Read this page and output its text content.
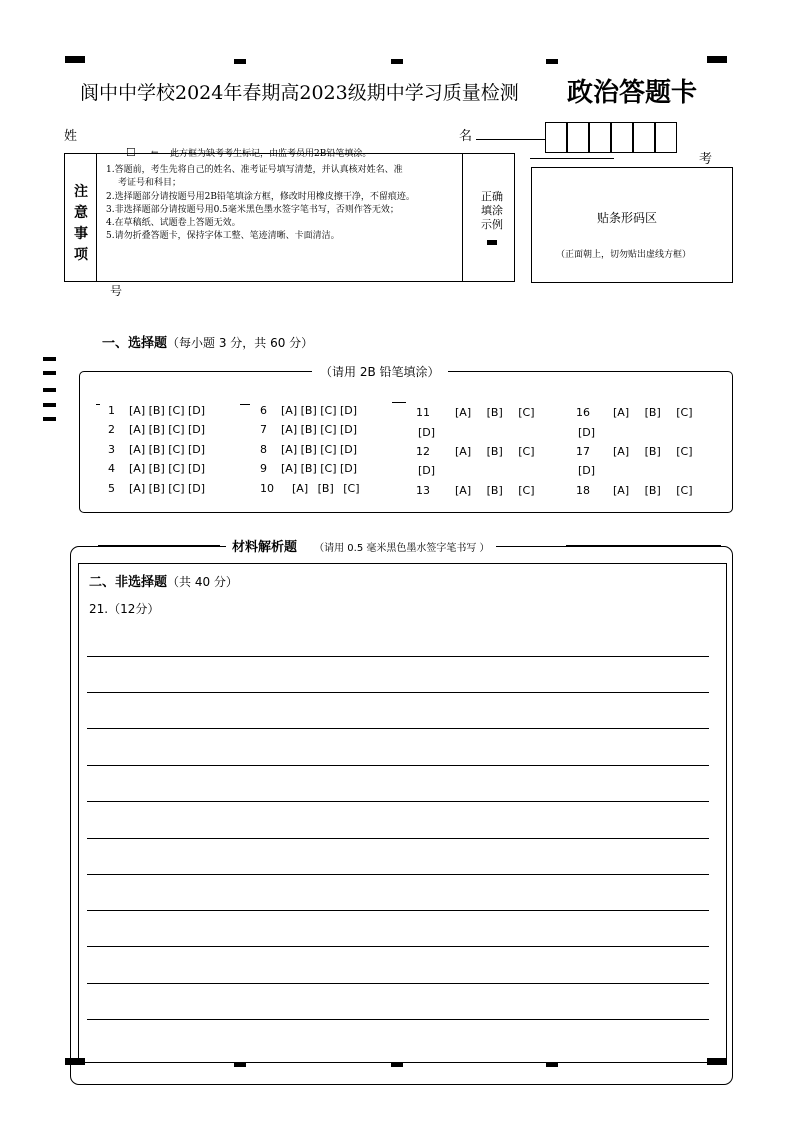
阆中中学校2024年春期高2023级期中学习质量检测 政治答题卡
姓	名
考
注
意
事
项
☐ ← 此方框为缺考考生标记，由监考员用2B铅笔填涂。
1.答题前，考生先将自己的姓名、准考证号填写清楚，并认真核对姓名、准
考证号和科目；
2.选择题部分请按题号用2B铅笔填涂方框，修改时用橡皮擦干净，不留痕迹。
3.非选择题部分请按题号用0.5毫米黑色墨水签字笔书写，否则作答无效；
4.在草稿纸、试题卷上答题无效。
5.请勿折叠答题卡，保持字体工整、笔迹清晰、卡面清洁。
正确
填涂
示例
号
贴条形码区
（正面朝上，切勿贴出虚线方框）
一、选择题（每小题 3 分，共 60 分）
（请用 2B 铅笔填涂）
1 [A] [B] [C] [D]
2 [A] [B] [C] [D]
3 [A] [B] [C] [D]
4 [A] [B] [C] [D]
5 [A] [B] [C] [D]
6 [A] [B] [C] [D]
7 [A] [B] [C] [D]
8 [A] [B] [C] [D]
9 [A] [B] [C] [D]
10 [A] [B] [C]
11 [A] [B] [C]
[D]
12 [A] [B] [C]
[D]
13 [A] [B] [C]
16 [A] [B] [C]
[D]
17 [A] [B] [C]
[D]
18 [A] [B] [C]
材料解析题 （请用 0.5 毫米黑色墨水签字笔书写 ）
二、非选择题（共 40 分）
21.（12分）
